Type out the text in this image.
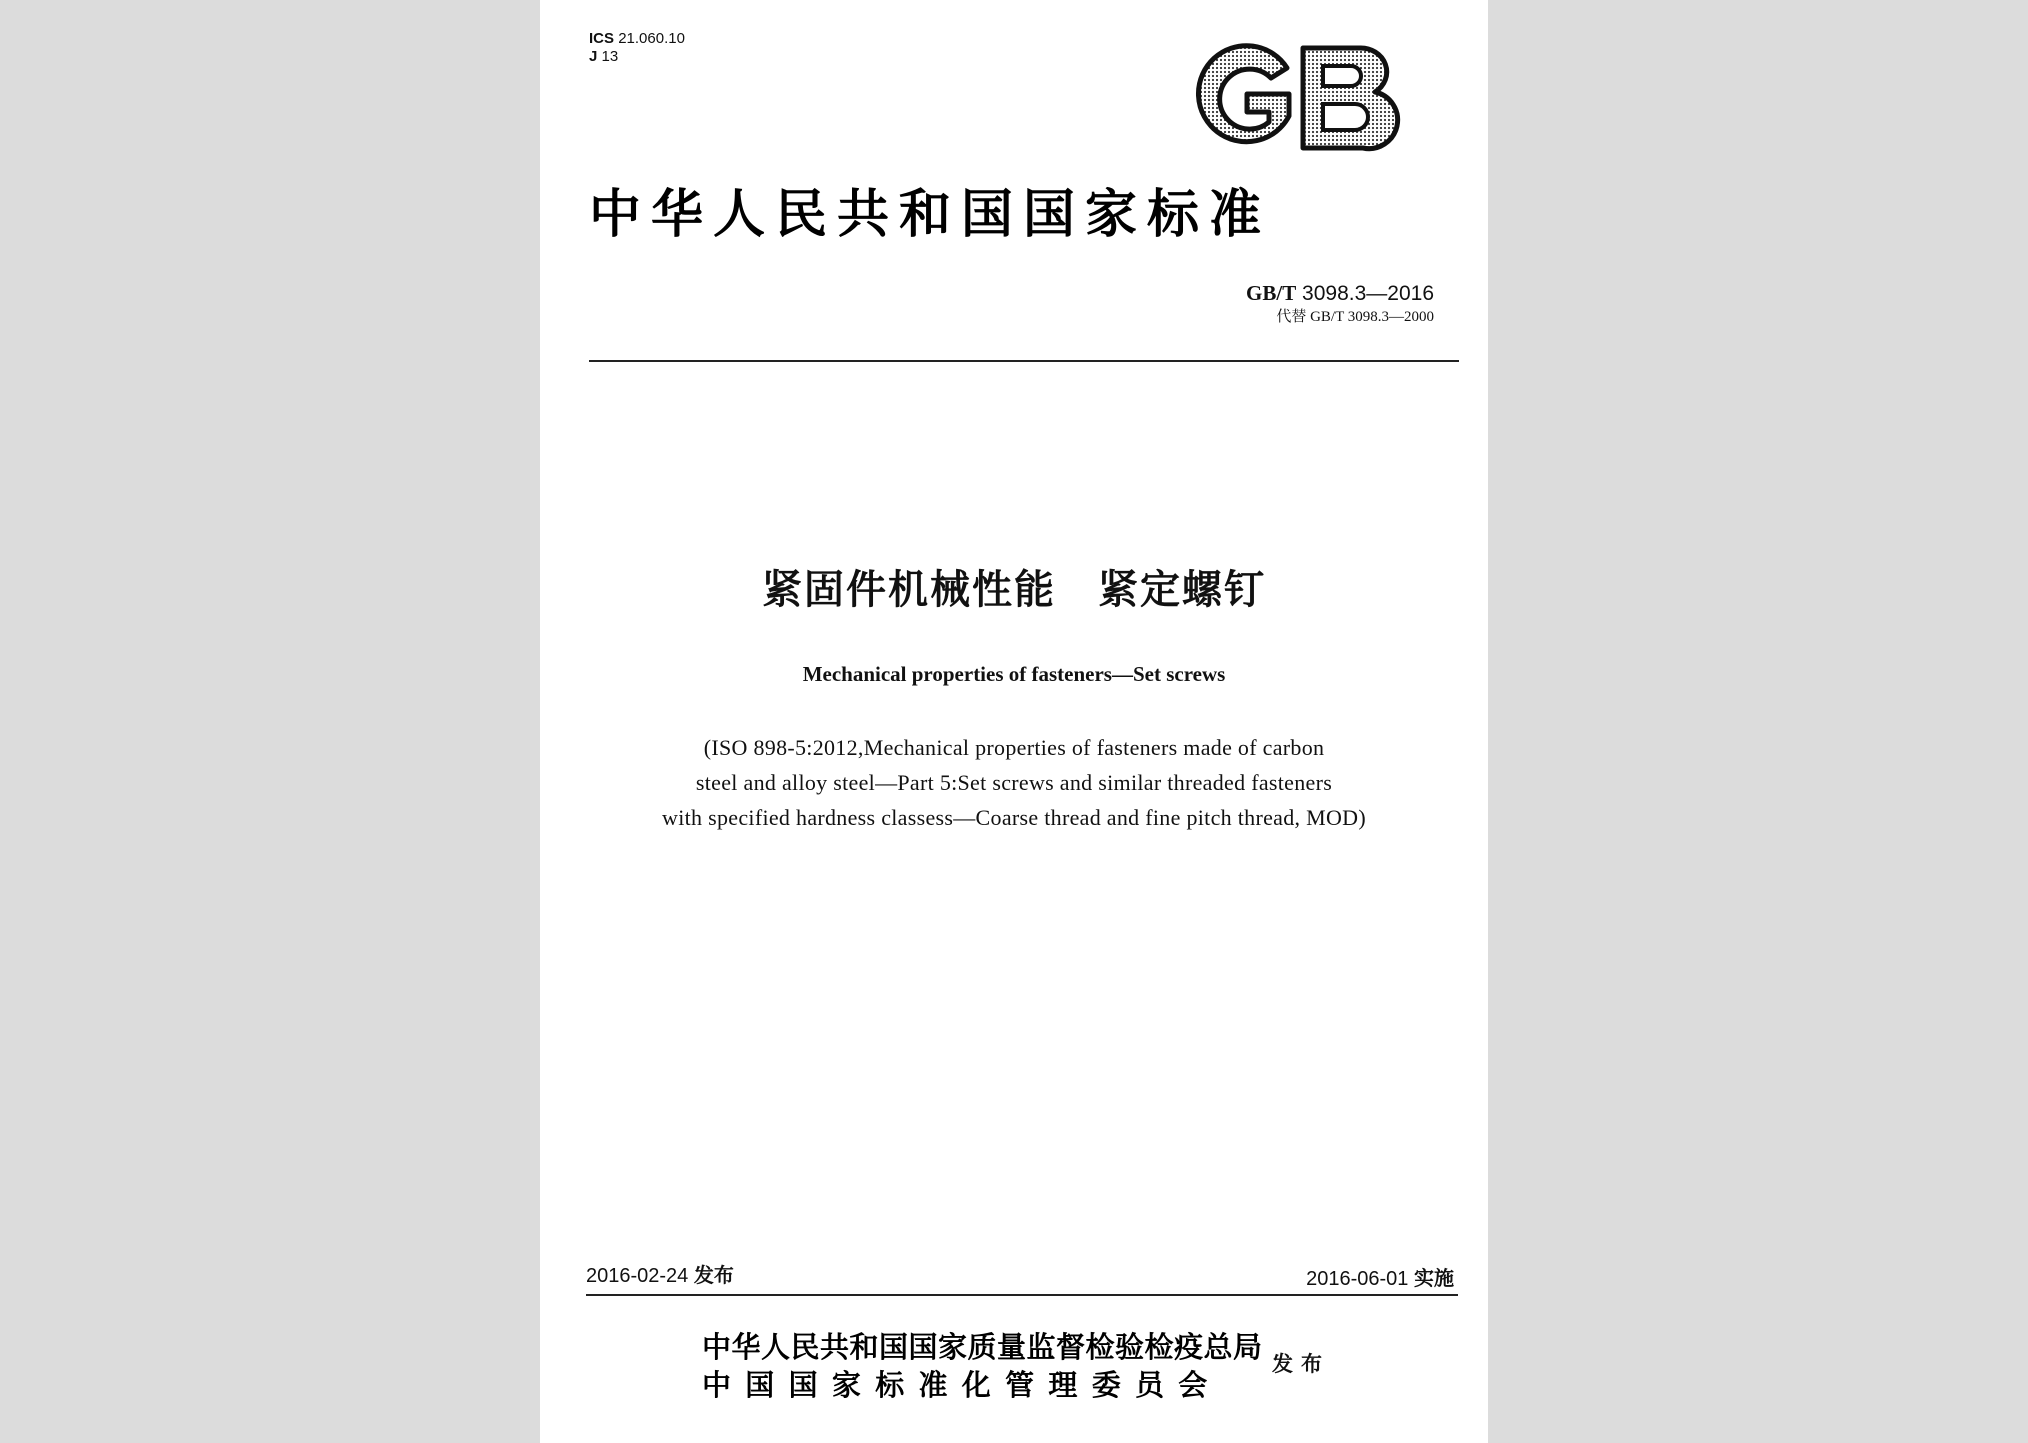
ICS 21.060.10
J 13
中华人民共和国国家标准
GB/T 3098.3—2016
代替 GB/T 3098.3—2000
紧固件机械性能　紧定螺钉
Mechanical properties of fasteners—Set screws
(ISO 898-5:2012,Mechanical properties of fasteners made of carbon
steel and alloy steel—Part 5:Set screws and similar threaded fasteners
with specified hardness classess—Coarse thread and fine pitch thread, MOD)
2016-02-24 发布	2016-06-01 实施
中华人民共和国国家质量监督检验检疫总局
中国国家标准化管理委员会
发布
